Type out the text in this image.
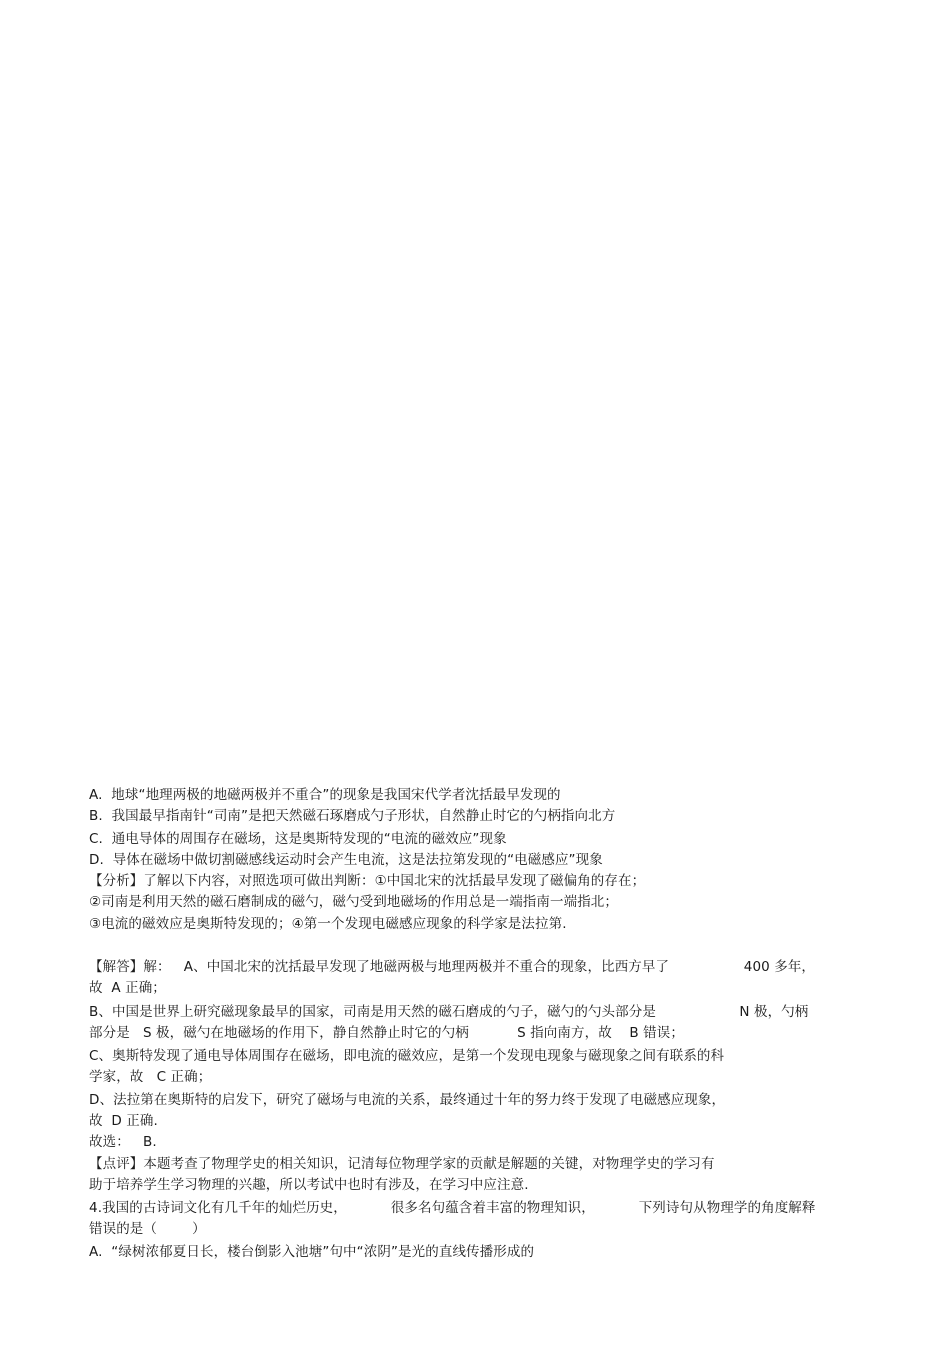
A.  地球“地理两极的地磁两极并不重合”的现象是我国宋代学者沈括最早发现的
B.  我国最早指南针“司南”是把天然磁石琢磨成勺子形状，自然静止时它的勺柄指向北方
C.  通电导体的周围存在磁场，这是奥斯特发现的“电流的磁效应”现象
D.  导体在磁场中做切割磁感线运动时会产生电流，这是法拉第发现的“电磁感应”现象
【分析】了解以下内容，对照选项可做出判断：①中国北宋的沈括最早发现了磁偏角的存在；
②司南是利用天然的磁石磨制成的磁勺，磁勺受到地磁场的作用总是一端指南一端指北；
③电流的磁效应是奥斯特发现的；④第一个发现电磁感应现象的科学家是法拉第.
【解答】解：   A、中国北宋的沈括最早发现了地磁两极与地理两极并不重合的现象，比西方早了                 400 多年，
故  A 正确；
B、中国是世界上研究磁现象最早的国家，司南是用天然的磁石磨成的勺子，磁勺的勺头部分是                   N 极，勺柄
部分是   S 极，磁勺在地磁场的作用下，静自然静止时它的勺柄           S 指向南方，故    B 错误；
C、奥斯特发现了通电导体周围存在磁场，即电流的磁效应，是第一个发现电现象与磁现象之间有联系的科
学家，故   C 正确；
D、法拉第在奥斯特的启发下，研究了磁场与电流的关系，最终通过十年的努力终于发现了电磁感应现象，
故  D 正确.
故选：   B.
【点评】本题考查了物理学史的相关知识，记清每位物理学家的贡献是解题的关键，对物理学史的学习有
助于培养学生学习物理的兴趣，所以考试中也时有涉及，在学习中应注意.
4.我国的古诗词文化有几千年的灿烂历史，          很多名句蕴含着丰富的物理知识，          下列诗句从物理学的角度解释
错误的是（        ）
A.  “绿树浓郁夏日长，楼台倒影入池塘”句中“浓阴”是光的直线传播形成的
